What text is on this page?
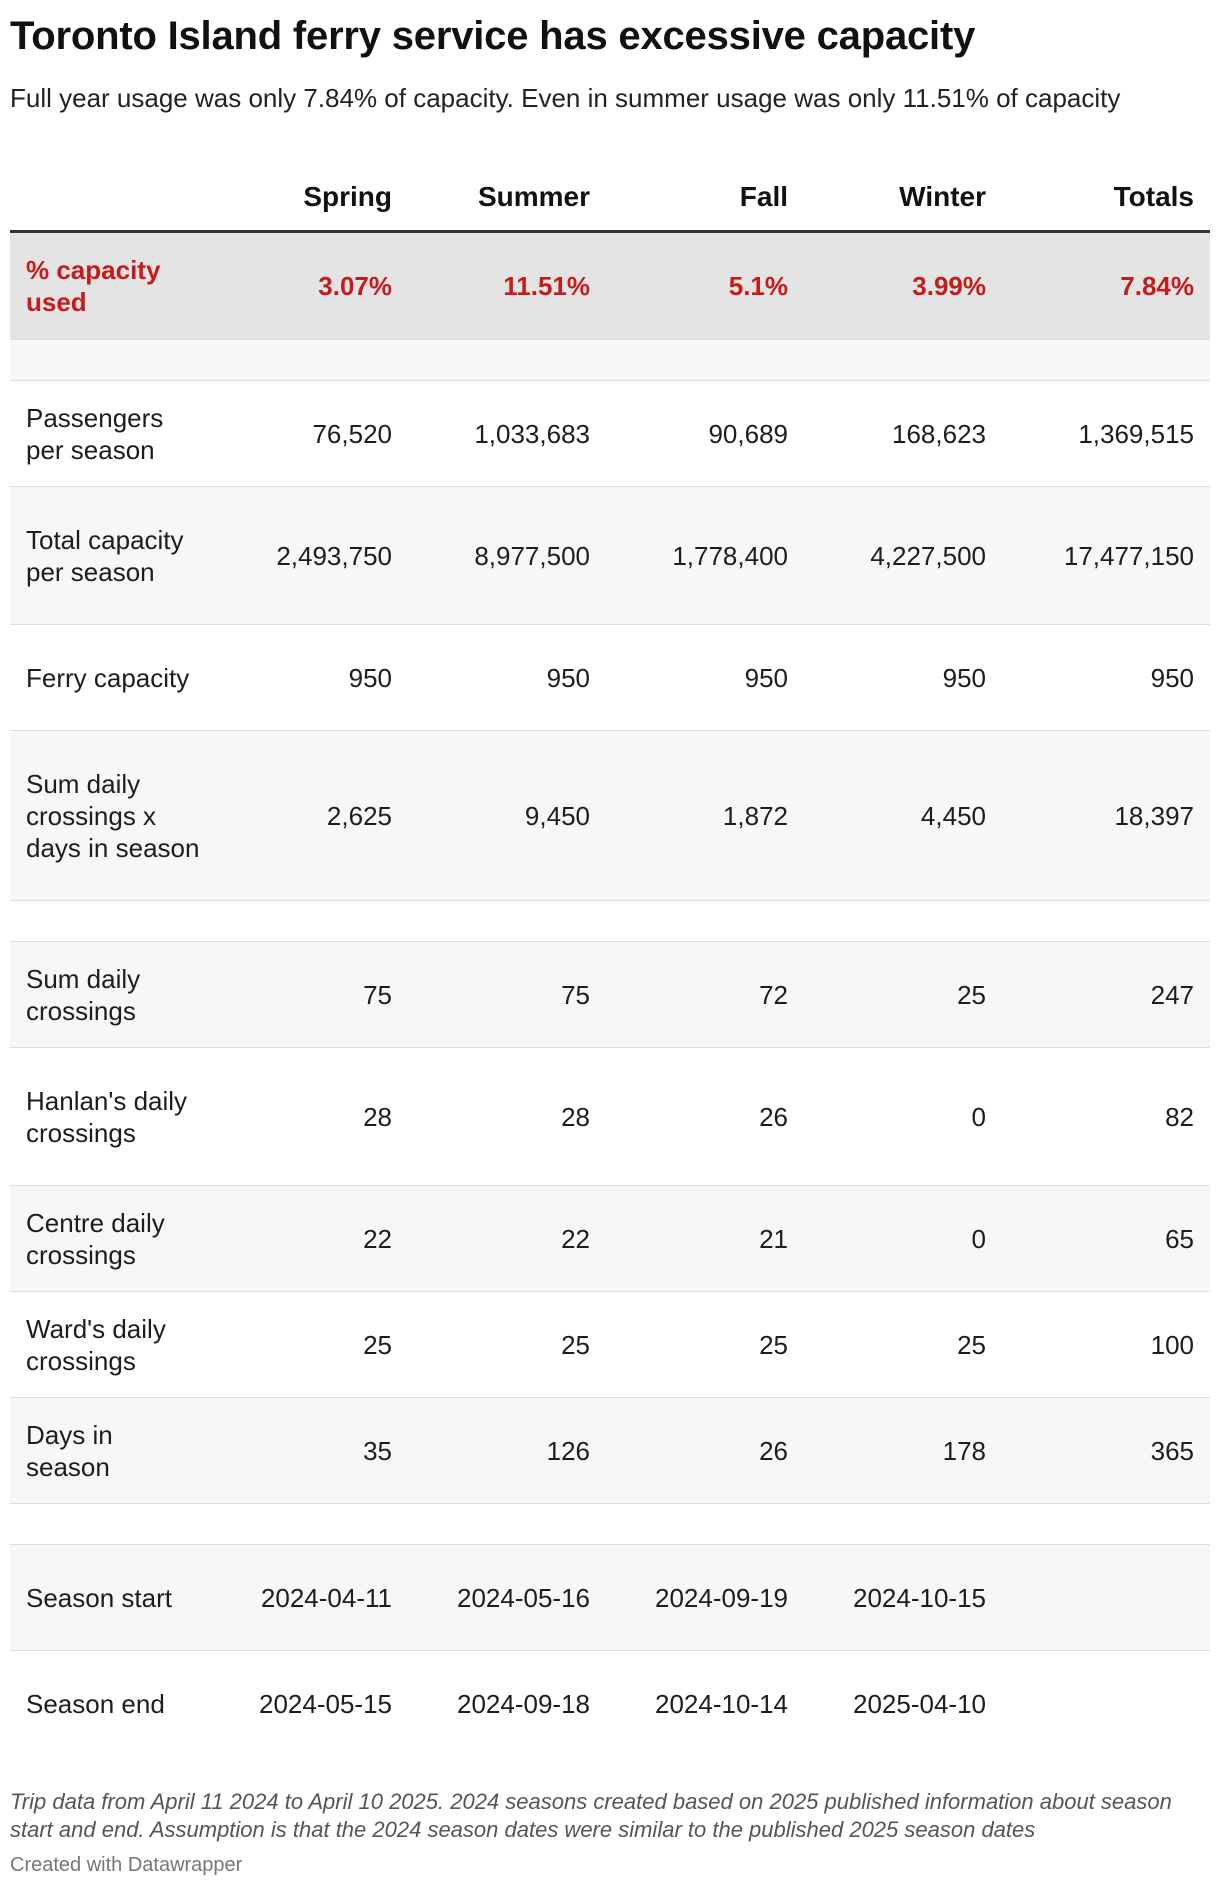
Toronto Island ferry service has excessive capacity
Full year usage was only 7.84% of capacity. Even in summer usage was only 11.51% of capacity
	Spring	Summer	Fall	Winter	Totals
% capacity used	3.07%	11.51%	5.1%	3.99%	7.84%

Passengers per season	76,520	1,033,683	90,689	168,623	1,369,515
Total capacity per season	2,493,750	8,977,500	1,778,400	4,227,500	17,477,150
Ferry capacity	950	950	950	950	950
Sum daily crossings x days in season	2,625	9,450	1,872	4,450	18,397

Sum daily crossings	75	75	72	25	247
Hanlan's daily crossings	28	28	26	0	82
Centre daily crossings	22	22	21	0	65
Ward's daily crossings	25	25	25	25	100
Days in season	35	126	26	178	365

Season start	2024-04-11	2024-05-16	2024-09-19	2024-10-15	
Season end	2024-05-15	2024-09-18	2024-10-14	2025-04-10	
Trip data from April 11 2024 to April 10 2025. 2024 seasons created based on 2025 published information about season start and end. Assumption is that the 2024 season dates were similar to the published 2025 season dates
Created with Datawrapper
